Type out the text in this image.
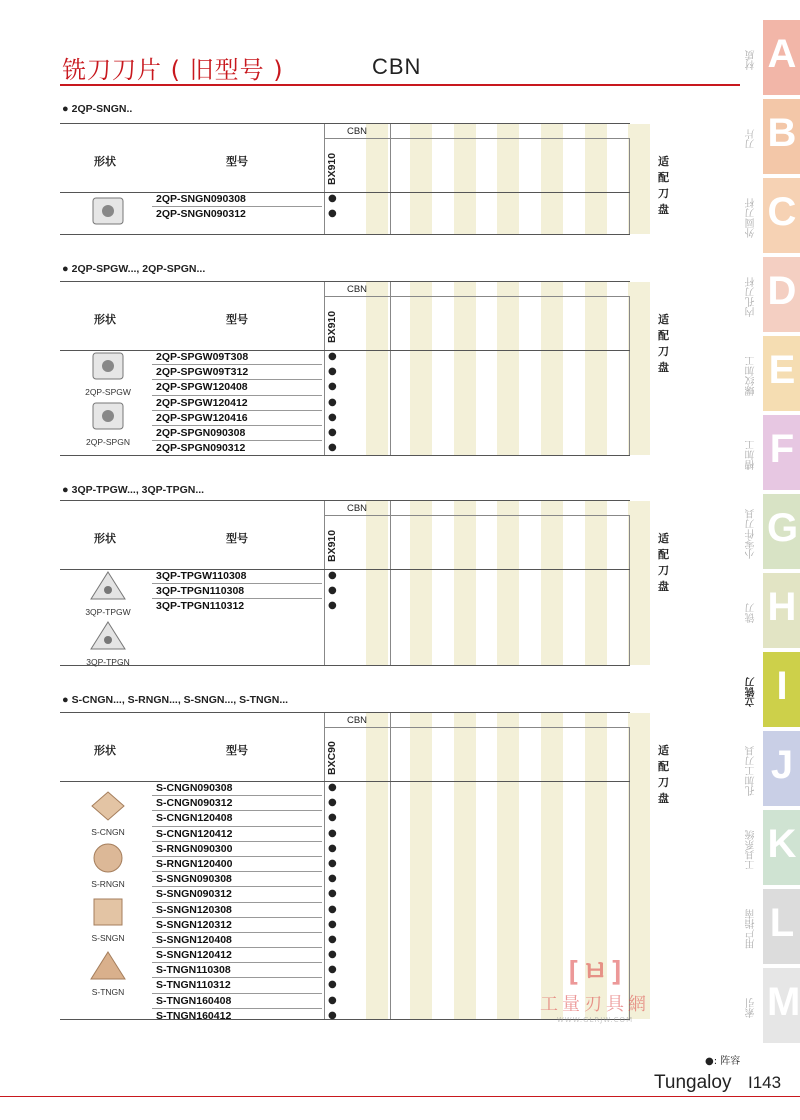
铣刀刀片 ( 旧型号 )	CBN
● 2QP-SNGN..
CBN
形状	型号	适配刀盘
BX910
2QP-SNGN090308	●
2QP-SNGN090312	●
● 2QP-SPGW..., 2QP-SPGN...
CBN
形状	型号	适配刀盘
BX910
2QP-SPGW09T308	●
2QP-SPGW09T312	●
2QP-SPGW120408	●
2QP-SPGW120412	●
2QP-SPGW120416	●
2QP-SPGN090308	●
2QP-SPGN090312	●
2QP-SPGW
2QP-SPGN
● 3QP-TPGW..., 3QP-TPGN...
CBN
形状	型号	适配刀盘
BX910
3QP-TPGW110308	●
3QP-TPGN110308	●
3QP-TPGN110312	●
3QP-TPGW
3QP-TPGN
● S-CNGN..., S-RNGN..., S-SNGN..., S-TNGN...
CBN
形状	型号	适配刀盘
BXC90
S-CNGN090308	●
S-CNGN090312	●
S-CNGN120408	●
S-CNGN120412	●
S-RNGN090300	●
S-RNGN120400	●
S-SNGN090308	●
S-SNGN090312	●
S-SNGN120308	●
S-SNGN120312	●
S-SNGN120408	●
S-SNGN120412	●
S-TNGN110308	●
S-TNGN110312	●
S-TNGN160408	●
S-TNGN160412	●
S-CNGN
S-RNGN
S-SNGN
S-TNGN
[ㅂ]
工量刃具網
WWW.GLRJW.COM
●: 阵容
Tungaloy I143
A
材质
B
刀片
C
外圆刀杆
D
内孔刀杆
E
螺纹加工
F
槽加工
G
小零件刀具
H
铣刀
I
立铣刀
J
孔加工刀具
K
工具系统
L
用户指南
M
索引
